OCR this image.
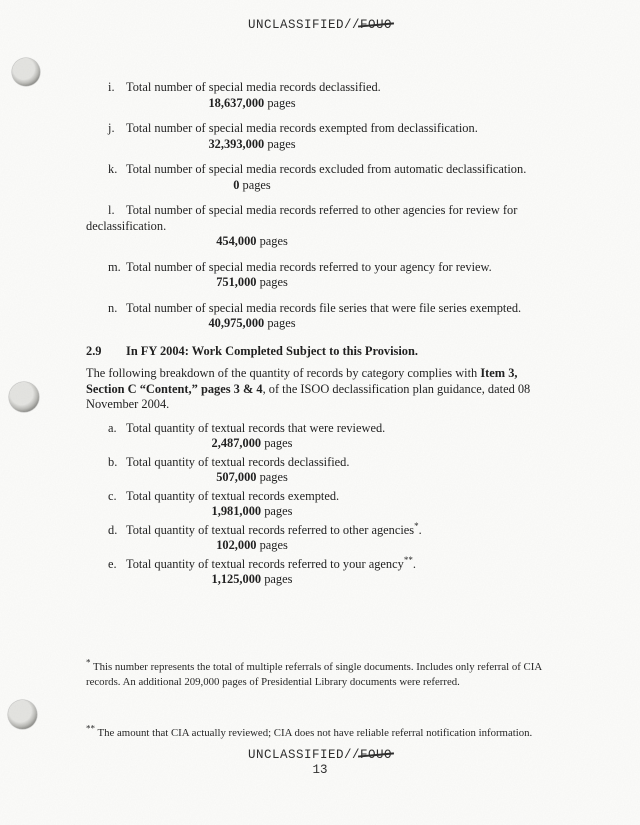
UNCLASSIFIED//FOUO
i. Total number of special media records declassified.
18,637,000 pages
j. Total number of special media records exempted from declassification.
32,393,000 pages
k. Total number of special media records excluded from automatic declassification.
0 pages
l. Total number of special media records referred to other agencies for review for declassification.
454,000 pages
m. Total number of special media records referred to your agency for review.
751,000 pages
n. Total number of special media records file series that were file series exempted.
40,975,000 pages
2.9 In FY 2004: Work Completed Subject to this Provision.
The following breakdown of the quantity of records by category complies with Item 3, Section C “Content,” pages 3 & 4, of the ISOO declassification plan guidance, dated 08 November 2004.
a. Total quantity of textual records that were reviewed.
2,487,000 pages
b. Total quantity of textual records declassified.
507,000 pages
c. Total quantity of textual records exempted.
1,981,000 pages
d. Total quantity of textual records referred to other agencies*.
102,000 pages
e. Total quantity of textual records referred to your agency**.
1,125,000 pages
* This number represents the total of multiple referrals of single documents. Includes only referral of CIA records. An additional 209,000 pages of Presidential Library documents were referred.
** The amount that CIA actually reviewed; CIA does not have reliable referral notification information.
UNCLASSIFIED//FOUO
13
